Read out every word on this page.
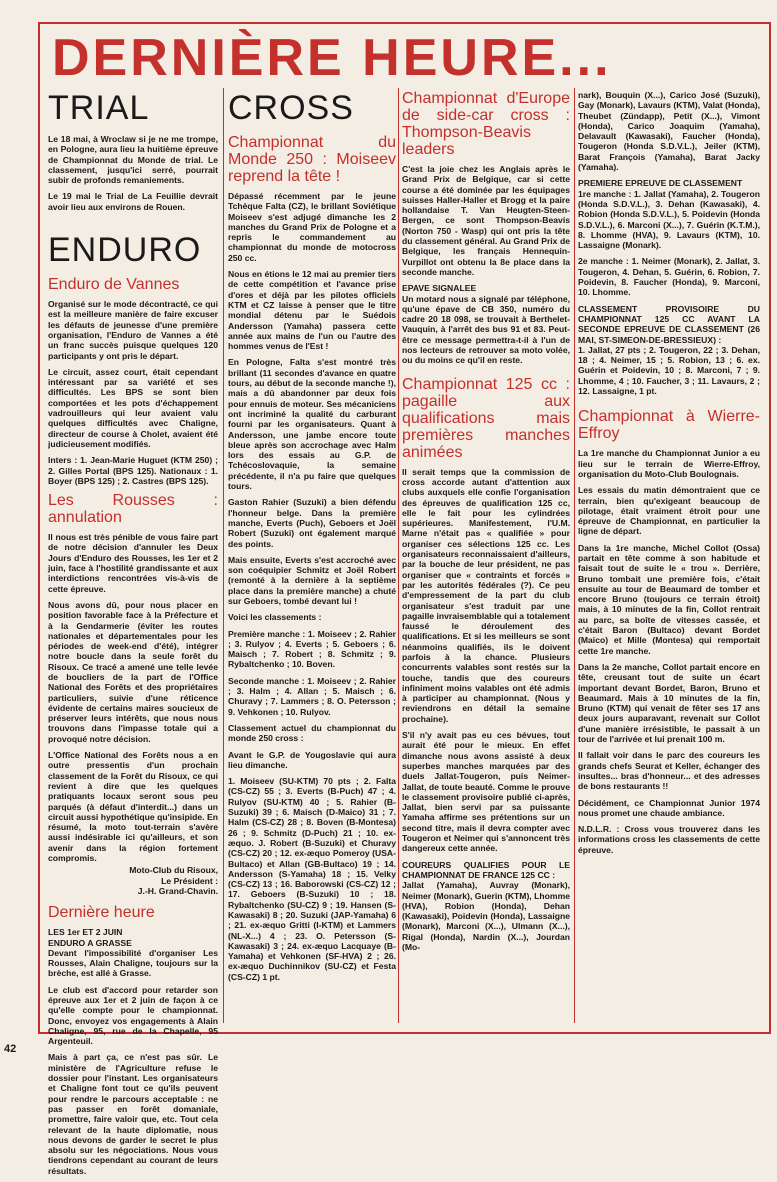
DERNIÈRE HEURE...
TRIAL

Le 18 mai, à Wroclaw si je ne me trompe, en Pologne, aura lieu la huitième épreuve de Championnat du Monde de trial. Le classement, jusqu'ici serré, pourrait subir de profonds remaniements.

Le 19 mai le Trial de La Feuillie devrait avoir lieu aux environs de Rouen.

ENDURO
Enduro de Vannes

Organisé sur le mode décontracté, ce qui est la meilleure manière de faire excuser les défauts de jeunesse d'une première organisation, l'Enduro de Vannes a été un franc succès puisque quelques 120 participants y ont pris le départ.

Le circuit, assez court, était cependant intéressant par sa variété et ses difficultés. Les BPS se sont bien comportées et les pots d'échappement vadrouilleurs qui leur avaient valu quelques difficultés avec Chaligne, directeur de course à Cholet, avaient été judicieusement modifiés.

Inters : 1. Jean-Marie Huguet (KTM 250) ; 2. Gilles Portal (BPS 125). Nationaux : 1. Boyer (BPS 125) ; 2. Castres (BPS 125).

Les Rousses : annulation

Il nous est très pénible de vous faire part de notre décision d'annuler les Deux Jours d'Enduro des Rousses, les 1er et 2 juin, face à l'hostilité grandissante et aux interdictions rencontrées vis-à-vis de cette épreuve.

Nous avons dû, pour nous placer en position favorable face à la Préfecture et à la Gendarmerie (éviter les routes nationales et départementales pour les périodes de week-end d'été), intégrer notre boucle dans la seule forêt du Risoux. Ce tracé a amené une telle levée de boucliers de la part de l'Office National des Forêts et des propriétaires particuliers, suivie d'une réticence évidente de certains maires soucieux de préserver leurs intérêts, que nous nous trouvons dans l'impasse totale qui a provoqué notre décision.

L'Office National des Forêts nous a en outre pressentis d'un prochain classement de la Forêt du Risoux, ce qui revient à dire que les quelques pratiquants locaux seront sous peu parqués (à défaut d'interdit...) dans un circuit aussi hypothétique qu'insipide. En résumé, la moto tout-terrain s'avère aussi indésirable ici qu'ailleurs, et son avenir dans la région fortement compromis.

Moto-Club du Risoux,
Le Président :
J.-H. Grand-Chavin.
Dernière heure
LES 1er ET 2 JUIN
ENDURO A GRASSE

Devant l'impossibilité d'organiser Les Rousses, Alain Chaligne, toujours sur la brèche, est allé à Grasse.

Le club est d'accord pour retarder son épreuve aux 1er et 2 juin de façon à ce qu'elle compte pour le championnat. Donc, envoyez vos engagements à Alain Chaligne, 95, rue de la Chapelle, 95 Argenteuil.

Mais à part ça, ce n'est pas sûr. Le ministère de l'Agriculture refuse le dossier pour l'instant. Les organisateurs et Chaligne font tout ce qu'ils peuvent pour rendre le parcours acceptable : ne pas passer en forêt domaniale, promettre, faire valoir que, etc. Tout cela relevant de la haute diplomatie, nous nous devons de garder le secret le plus absolu sur les négociations. Nous vous tiendrons cependant au courant de leurs résultats.

CROSS
Championnat du Monde 250 : Moiseev reprend la tête !

Dépassé récemment par le jeune Tchèque Falta (CZ), le brillant Soviétique Moiseev s'est adjugé dimanche les 2 manches du Grand Prix de Pologne et a repris le commandement au championnat du monde de motocross 250 cc.

Nous en étions le 12 mai au premier tiers de cette compétition et l'avance prise d'ores et déjà par les pilotes officiels KTM et CZ laisse à penser que le titre mondial détenu par le Suédois Andersson (Yamaha) passera cette année aux mains de l'un ou l'autre des hommes venus de l'Est !

En Pologne, Falta s'est montré très brillant (11 secondes d'avance en quatre tours, au début de la seconde manche !), mais a dû abandonner par deux fois pour ennuis de moteur. Ses mécaniciens ont incriminé la qualité du carburant fourni par les organisateurs. Quant à Andersson, une jambe encore toute bleue après son accrochage avec Halm lors des essais au G.P. de Tchécoslovaquie, la semaine précédente, il n'a pu faire que quelques tours.

Gaston Rahier (Suzuki) a bien défendu l'honneur belge. Dans la première manche, Everts (Puch), Geboers et Joël Robert (Suzuki) ont également marqué des points.

Mais ensuite, Everts s'est accroché avec son coéquipier Schmitz et Joël Robert (remonté à la dernière à la septième place dans la première manche) a chuté sur Geboers, tombé devant lui !

Voici les classements :

Première manche : 1. Moiseev ; 2. Rahier ; 3. Rulyov ; 4. Everts ; 5. Geboers ; 6. Maisch ; 7. Robert ; 8. Schmitz ; 9. Rybaltchenko ; 10. Boven.

Seconde manche : 1. Moiseev ; 2. Rahier ; 3. Halm ; 4. Allan ; 5. Maisch ; 6. Churavy ; 7. Lammers ; 8. O. Petersson ; 9. Vehkonen ; 10. Rulyov.

Classement actuel du championnat du monde 250 cross :

Avant le G.P. de Yougoslavie qui aura lieu dimanche.

1. Moiseev (SU-KTM) 70 pts ; 2. Falta (CS-CZ) 55 ; 3. Everts (B-Puch) 47 ; 4. Rulyov (SU-KTM) 40 ; 5. Rahier (B-Suzuki) 39 ; 6. Maisch (D-Maico) 31 ; 7. Halm (CS-CZ) 28 ; 8. Boven (B-Montesa) 26 ; 9. Schmitz (D-Puch) 21 ; 10. ex-æquo. J. Robert (B-Suzuki) et Churavy (CS-CZ) 20 ; 12. ex-æquo Pomeroy (USA-Bultaco) et Allan (GB-Bultaco) 19 ; 14. Andersson (S-Yamaha) 18 ; 15. Velky (CS-CZ) 13 ; 16. Baborowski (CS-CZ) 12 ; 17. Geboers (B-Suzuki) 10 ; 18. Rybaltchenko (SU-CZ) 9 ; 19. Hansen (S-Kawasaki) 8 ; 20. Suzuki (JAP-Yamaha) 6 ; 21. ex-æquo Gritti (I-KTM) et Lammers (NL-X...) 4 ; 23. O. Petersson (S-Kawasaki) 3 ; 24. ex-æquo Lacquaye (B-Yamaha) et Vehkonen (SF-HVA) 2 ; 26. ex-æquo Duchinnikov (SU-CZ) et Festa (CS-CZ) 1 pt.

Championnat d'Europe de side-car cross : Thompson-Beavis leaders

C'est la joie chez les Anglais après le Grand Prix de Belgique, car si cette course a été dominée par les équipages suisses Haller-Haller et Brogg et la paire hollandaise T. Van Heugten-Steen-Bergen, ce sont Thompson-Beavis (Norton 750 - Wasp) qui ont pris la tête du classement général. Au Grand Prix de Belgique, les français Hennequin-Vurpillot ont obtenu la 8e place dans la seconde manche.

EPAVE SIGNALEE

Un motard nous a signalé par téléphone, qu'une épave de CB 350, numéro du cadre 20 18 098, se trouvait à Berthelet-Vauquin, à l'arrêt des bus 91 et 83. Peut-être ce message permettra-t-il à l'un de nos lecteurs de retrouver sa moto volée, ou du moins ce qu'il en reste.

Championnat 125 cc : pagaille aux qualifications mais premières manches animées

Il serait temps que la commission de cross accorde autant d'attention aux clubs auxquels elle confie l'organisation des épreuves de qualification 125 cc, elle le fait pour les cylindrées supérieures. Manifestement, l'U.M. Marne n'était pas « qualifiée » pour organiser ces sélections 125 cc. Les organisateurs reconnaissaient d'ailleurs, par la bouche de leur président, ne pas organiser que « contraints et forcés » par les autorités fédérales (?). Ce peu d'empressement de la part du club organisateur s'est traduit par une pagaille invraisemblable qui a totalement faussé le déroulement des qualifications. Et si les meilleurs se sont néanmoins qualifiés, ils le doivent parfois à la chance. Plusieurs concurrents valables sont restés sur la touche, tandis que des coureurs infiniment moins valables ont été admis à participer au championnat. (Nous y reviendrons en détail la semaine prochaine).

S'il n'y avait pas eu ces bévues, tout aurait été pour le mieux. En effet dimanche nous avons assisté à deux superbes manches marquées par des duels Jallat-Tougeron, puis Neimer-Jallat, de toute beauté. Comme le prouve le classement provisoire publié ci-après, Jallat, bien servi par sa puissante Yamaha affirme ses prétentions sur un second titre, mais il devra compter avec Tougeron et Neimer qui s'annoncent très dangereux cette année.

COUREURS QUALIFIES POUR LE CHAMPIONNAT DE FRANCE 125 CC :

Jallat (Yamaha), Auvray (Monark), Neimer (Monark), Guerin (KTM), Lhomme (HVA), Robion (Honda), Dehan (Kawasaki), Poidevin (Honda), Lassaigne (Monark), Marconi (X...), Ulmann (X...), Rigal (Honda), Nardin (X...), Jourdan (Mo-

nark), Bouquin (X...), Carico José (Suzuki), Gay (Monark), Lavaurs (KTM), Valat (Honda), Theubet (Zündapp), Petit (X...), Vimont (Honda), Carico Joaquim (Yamaha), Delavault (Kawasaki), Faucher (Honda), Tougeron (Honda S.D.V.L.), Jeiler (KTM), Barat François (Yamaha), Barat Jacky (Yamaha).

PREMIERE EPREUVE DE CLASSEMENT

1re manche : 1. Jallat (Yamaha), 2. Tougeron (Honda S.D.V.L.), 3. Dehan (Kawasaki), 4. Robion (Honda S.D.V.L.), 5. Poidevin (Honda S.D.V.L.), 6. Marconi (X...), 7. Guérin (K.T.M.), 8. Lhomme (HVA), 9. Lavaurs (KTM), 10. Lassaigne (Monark).

2e manche : 1. Neimer (Monark), 2. Jallat, 3. Tougeron, 4. Dehan, 5. Guérin, 6. Robion, 7. Poidevin, 8. Faucher (Honda), 9. Marconi, 10. Lhomme.

CLASSEMENT PROVISOIRE DU CHAMPIONNAT 125 CC AVANT LA SECONDE EPREUVE DE CLASSEMENT (26 MAI, ST-SIMEON-DE-BRESSIEUX) :

1. Jallat, 27 pts ; 2. Tougeron, 22 ; 3. Dehan, 18 ; 4. Neimer, 15 ; 5. Robion, 13 ; 6. ex. Guérin et Poidevin, 10 ; 8. Marconi, 7 ; 9. Lhomme, 4 ; 10. Faucher, 3 ; 11. Lavaurs, 2 ; 12. Lassaigne, 1 pt.

Championnat à Wierre-Effroy

La 1re manche du Championnat Junior a eu lieu sur le terrain de Wierre-Effroy, organisation du Moto-Club Boulognais.

Les essais du matin démontraient que ce terrain, bien qu'exigeant beaucoup de pilotage, était vraiment étroit pour une épreuve de Championnat, en particulier la ligne de départ.

Dans la 1re manche, Michel Collot (Ossa) partait en tête comme à son habitude et faisait tout de suite le « trou ». Derrière, Bruno tombait une première fois, c'était ensuite au tour de Beaumard de tomber et encore Bruno (toujours ce terrain étroit) mais, à 10 minutes de la fin, Collot rentrait au parc, sa boîte de vitesses cassée, et c'était Baron (Bultaco) devant Bordet (Maico) et Mille (Montesa) qui remportait cette 1re manche.

Dans la 2e manche, Collot partait encore en tête, creusant tout de suite un écart important devant Bordet, Baron, Bruno et Beaumard. Mais à 10 minutes de la fin, Bruno (KTM) qui venait de fêter ses 17 ans deux jours auparavant, revenait sur Collot d'une manière irrésistible, le passait à un tour de l'arrivée et lui prenait 100 m.

Il fallait voir dans le parc des coureurs les grands chefs Seurat et Keller, échanger des insultes... bras d'honneur... et des adresses de bons restaurants !!

Décidément, ce Championnat Junior 1974 nous promet une chaude ambiance.

N.D.L.R. : Cross vous trouverez dans les informations cross les classements de cette épreuve.

42
